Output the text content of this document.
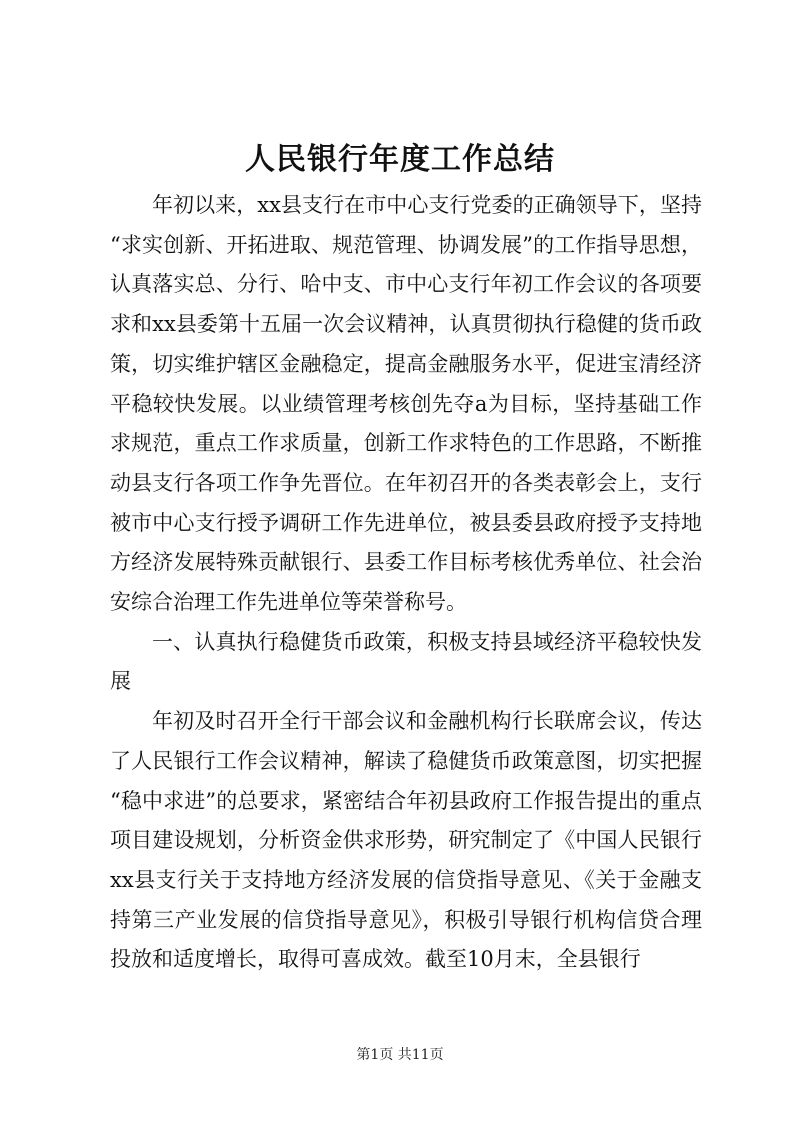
人民银行年度工作总结

年初以来，xx县支行在市中心支行党委的正确领导下，坚持“求实创新、开拓进取、规范管理、协调发展”的工作指导思想，认真落实总、分行、哈中支、市中心支行年初工作会议的各项要求和xx县委第十五届一次会议精神，认真贯彻执行稳健的货币政策，切实维护辖区金融稳定，提高金融服务水平，促进宝清经济平稳较快发展。以业绩管理考核创先夺a为目标，坚持基础工作求规范，重点工作求质量，创新工作求特色的工作思路，不断推动县支行各项工作争先晋位。在年初召开的各类表彰会上，支行被市中心支行授予调研工作先进单位，被县委县政府授予支持地方经济发展特殊贡献银行、县委工作目标考核优秀单位、社会治安综合治理工作先进单位等荣誉称号。

一、认真执行稳健货币政策，积极支持县域经济平稳较快发展

年初及时召开全行干部会议和金融机构行长联席会议，传达了人民银行工作会议精神，解读了稳健货币政策意图，切实把握“稳中求进”的总要求，紧密结合年初县政府工作报告提出的重点项目建设规划，分析资金供求形势，研究制定了《中国人民银行xx县支行关于支持地方经济发展的信贷指导意见、《关于金融支持第三产业发展的信贷指导意见》，积极引导银行机构信贷合理投放和适度增长，取得可喜成效。截至10月末，全县银行

第1页 共11页
